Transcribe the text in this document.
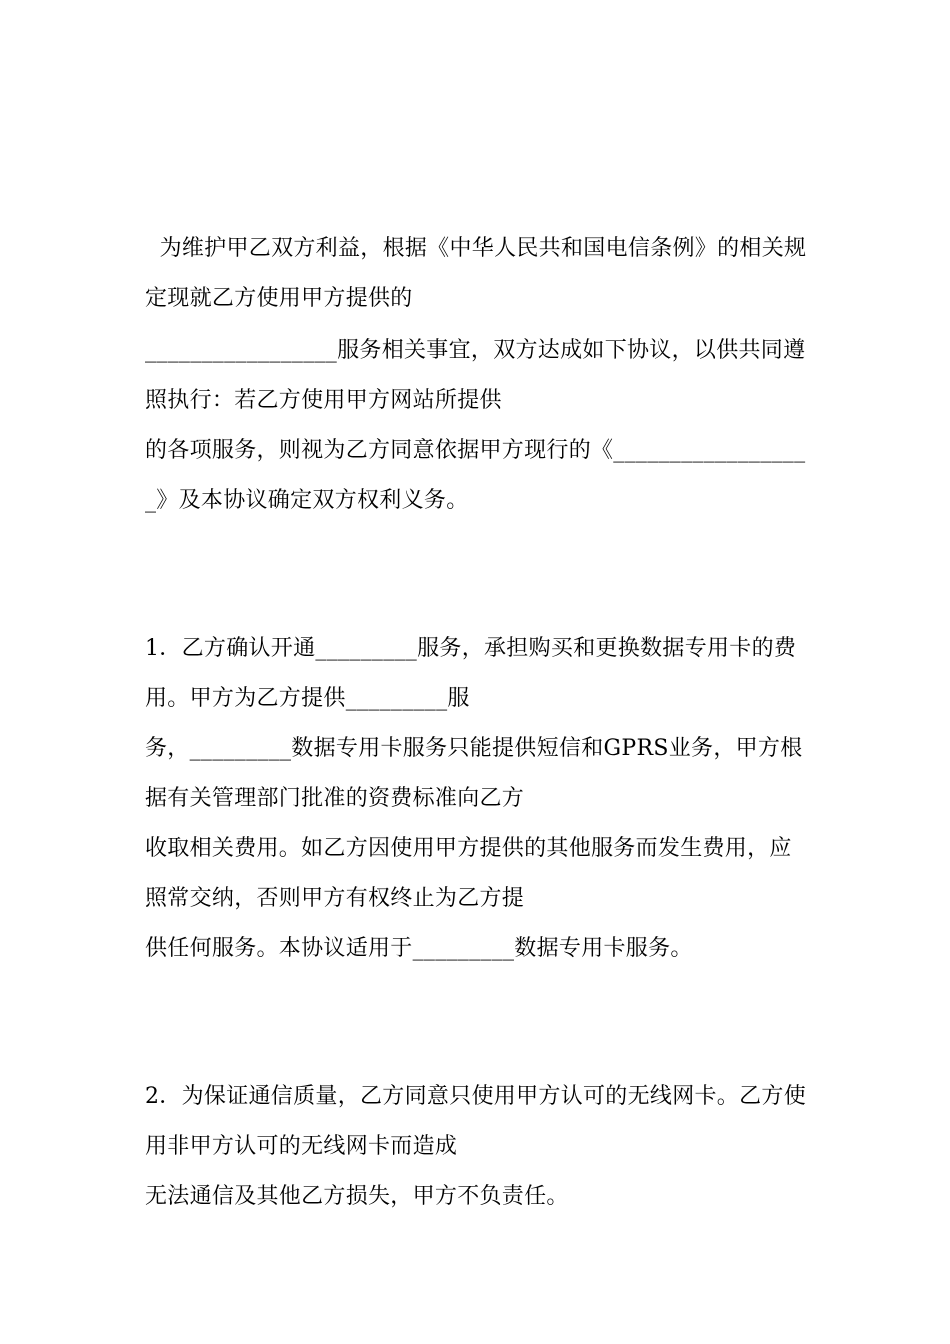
为维护甲乙双方利益，根据《中华人民共和国电信条例》的相关规
定现就乙方使用甲方提供的
_________________服务相关事宜，双方达成如下协议，以供共同遵
照执行：若乙方使用甲方网站所提供
的各项服务，则视为乙方同意依据甲方现行的《_________________
_》及本协议确定双方权利义务。
1．乙方确认开通_________服务，承担购买和更换数据专用卡的费
用。甲方为乙方提供_________服
务，_________数据专用卡服务只能提供短信和GPRS业务，甲方根
据有关管理部门批准的资费标准向乙方
收取相关费用。如乙方因使用甲方提供的其他服务而发生费用，应
照常交纳，否则甲方有权终止为乙方提
供任何服务。本协议适用于_________数据专用卡服务。
2．为保证通信质量，乙方同意只使用甲方认可的无线网卡。乙方使
用非甲方认可的无线网卡而造成
无法通信及其他乙方损失，甲方不负责任。
